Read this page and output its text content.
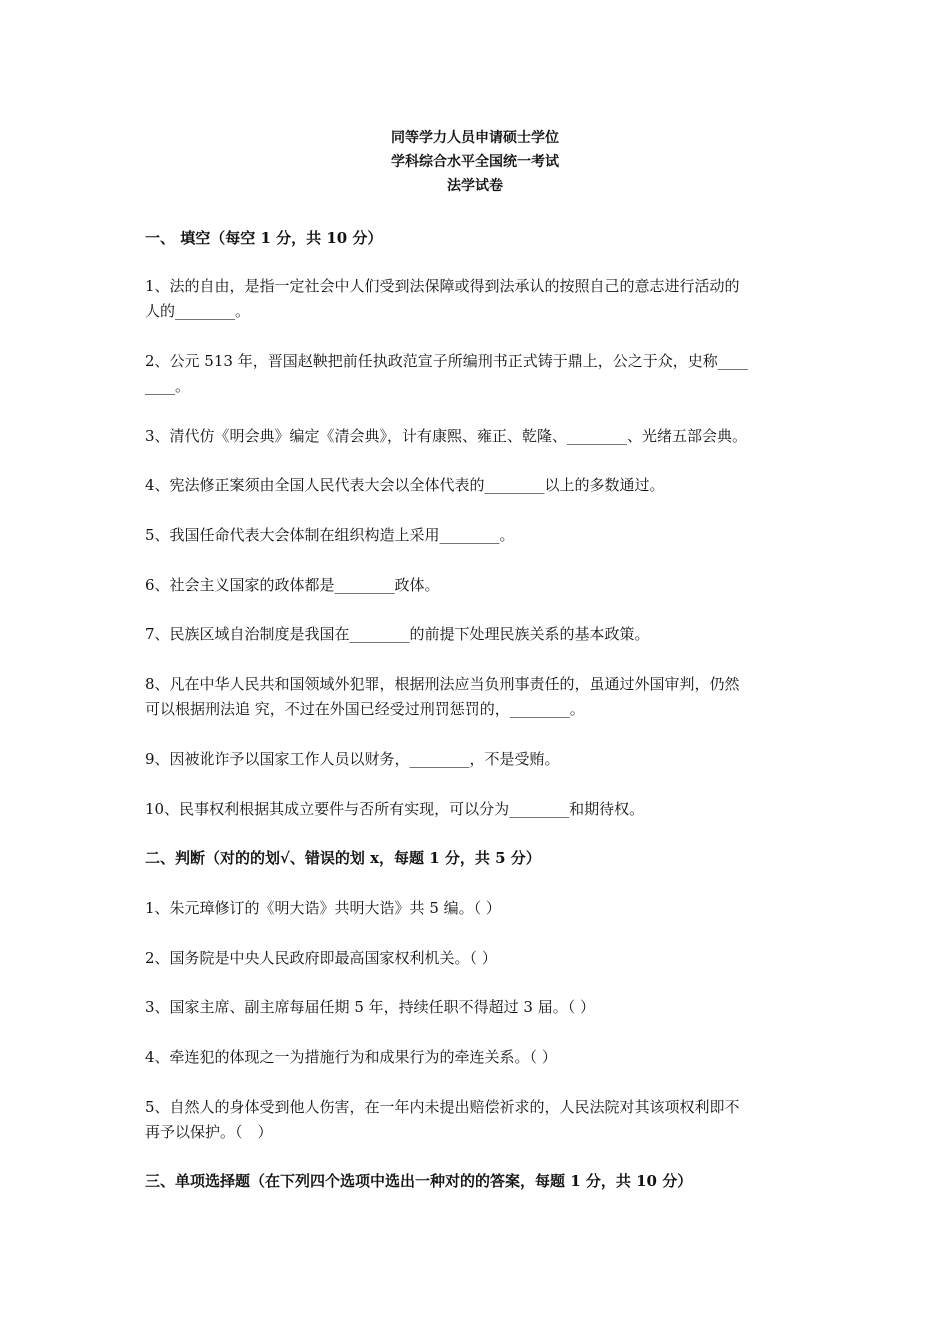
同等学力人员申请硕士学位
学科综合水平全国统一考试
法学试卷
一、 填空（每空 1 分，共 10 分）
1、法的自由，是指一定社会中人们受到法保障或得到法承认的按照自己的意志进行活动的
人的________。
2、公元 513 年，晋国赵鞅把前任执政范宣子所编刑书正式铸于鼎上，公之于众，史称____
____。
3、清代仿《明会典》编定《清会典》，计有康熙、雍正、乾隆、________、光绪五部会典。
4、宪法修正案须由全国人民代表大会以全体代表的________以上的多数通过。
5、我国任命代表大会体制在组织构造上采用________。
6、社会主义国家的政体都是________政体。
7、民族区域自治制度是我国在________的前提下处理民族关系的基本政策。
8、凡在中华人民共和国领域外犯罪，根据刑法应当负刑事责任的，虽通过外国审判，仍然
可以根据刑法追 究，不过在外国已经受过刑罚惩罚的，________。
9、因被讹诈予以国家工作人员以财务，________，不是受贿。
10、民事权利根据其成立要件与否所有实现，可以分为________和期待权。
二、判断（对的的划√、错误的划 x，每题 1 分，共 5 分）
1、朱元璋修订的《明大诰》共明大诰》共 5 编。（ ）
2、国务院是中央人民政府即最高国家权利机关。（ ）
3、国家主席、副主席每届任期 5 年，持续任职不得超过 3 届。（ ）
4、牵连犯的体现之一为措施行为和成果行为的牵连关系。（ ）
5、自然人的身体受到他人伤害，在一年内未提出赔偿祈求的，人民法院对其该项权利即不
再予以保护。（　）
三、单项选择题（在下列四个选项中选出一种对的的答案，每题 1 分，共 10 分）
